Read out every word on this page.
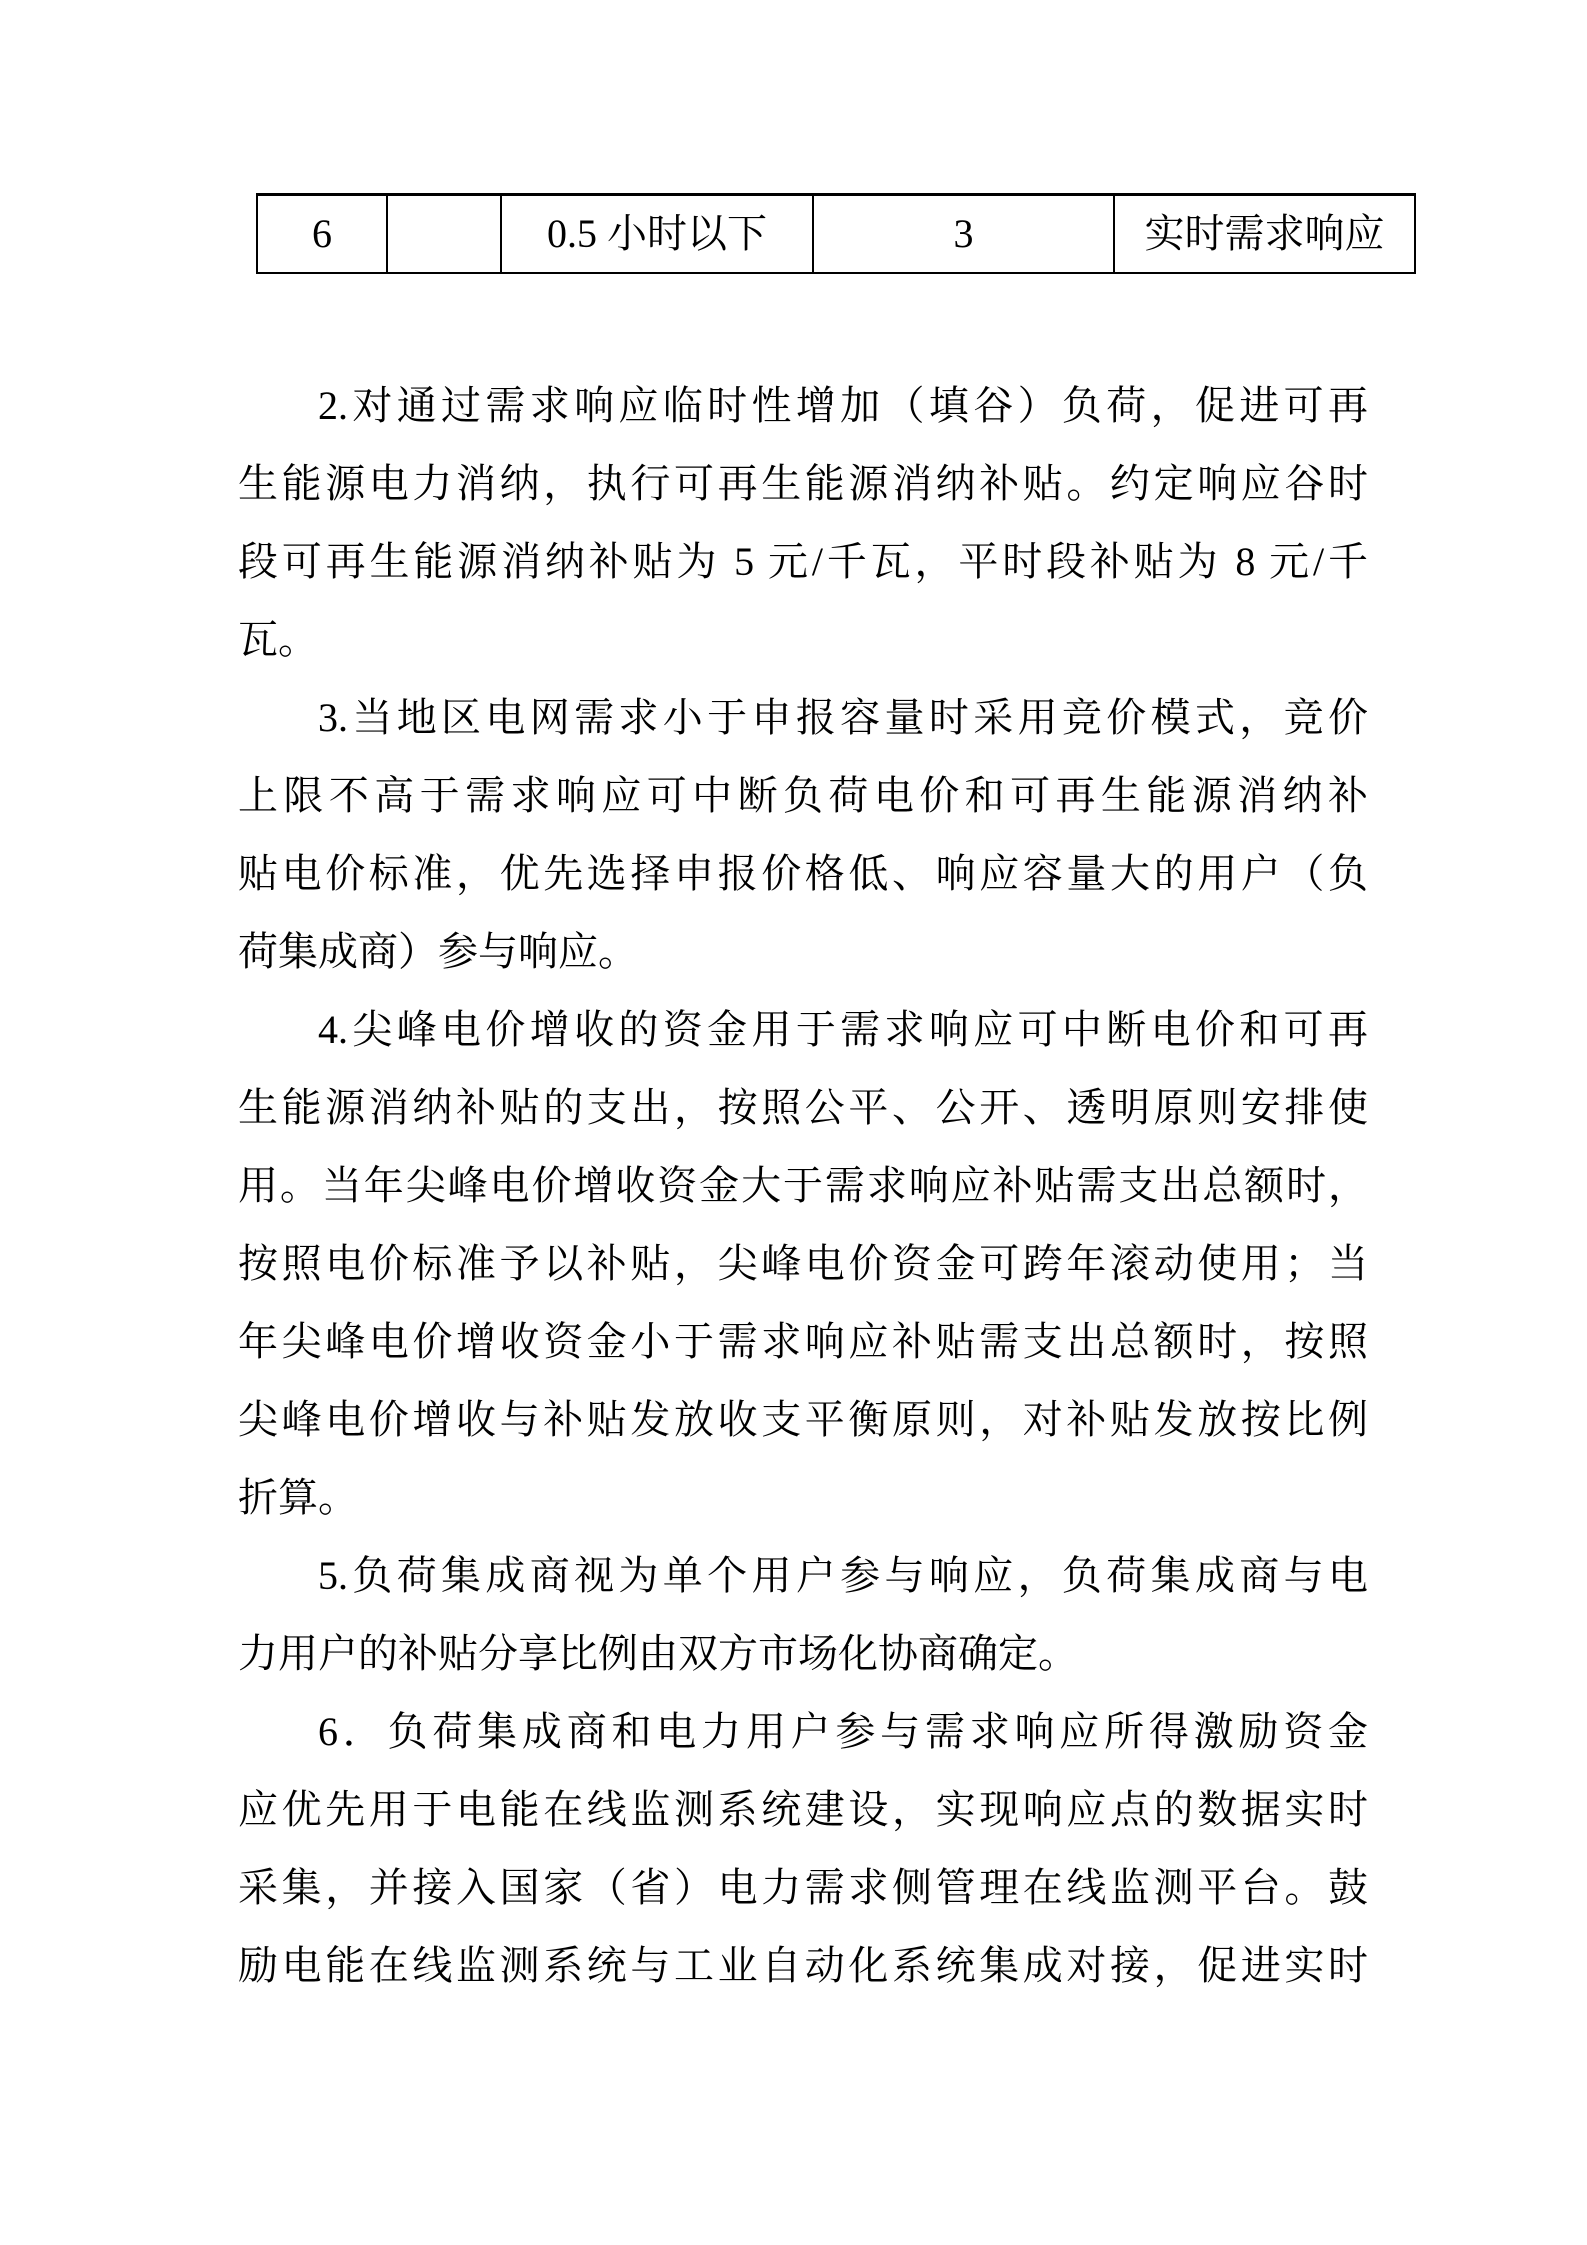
6		0.5 小时以下	3	实时需求响应
2.对通过需求响应临时性增加（填谷）负荷，促进可再
生能源电力消纳，执行可再生能源消纳补贴。约定响应谷时
段可再生能源消纳补贴为 5 元/千瓦，平时段补贴为 8 元/千
瓦。
3.当地区电网需求小于申报容量时采用竞价模式，竞价
上限不高于需求响应可中断负荷电价和可再生能源消纳补
贴电价标准，优先选择申报价格低、响应容量大的用户（负
荷集成商）参与响应。
4.尖峰电价增收的资金用于需求响应可中断电价和可再
生能源消纳补贴的支出，按照公平、公开、透明原则安排使
用。当年尖峰电价增收资金大于需求响应补贴需支出总额时，
按照电价标准予以补贴，尖峰电价资金可跨年滚动使用；当
年尖峰电价增收资金小于需求响应补贴需支出总额时，按照
尖峰电价增收与补贴发放收支平衡原则，对补贴发放按比例
折算。
5.负荷集成商视为单个用户参与响应，负荷集成商与电
力用户的补贴分享比例由双方市场化协商确定。
6．负荷集成商和电力用户参与需求响应所得激励资金
应优先用于电能在线监测系统建设，实现响应点的数据实时
采集，并接入国家（省）电力需求侧管理在线监测平台。鼓
励电能在线监测系统与工业自动化系统集成对接，促进实时
